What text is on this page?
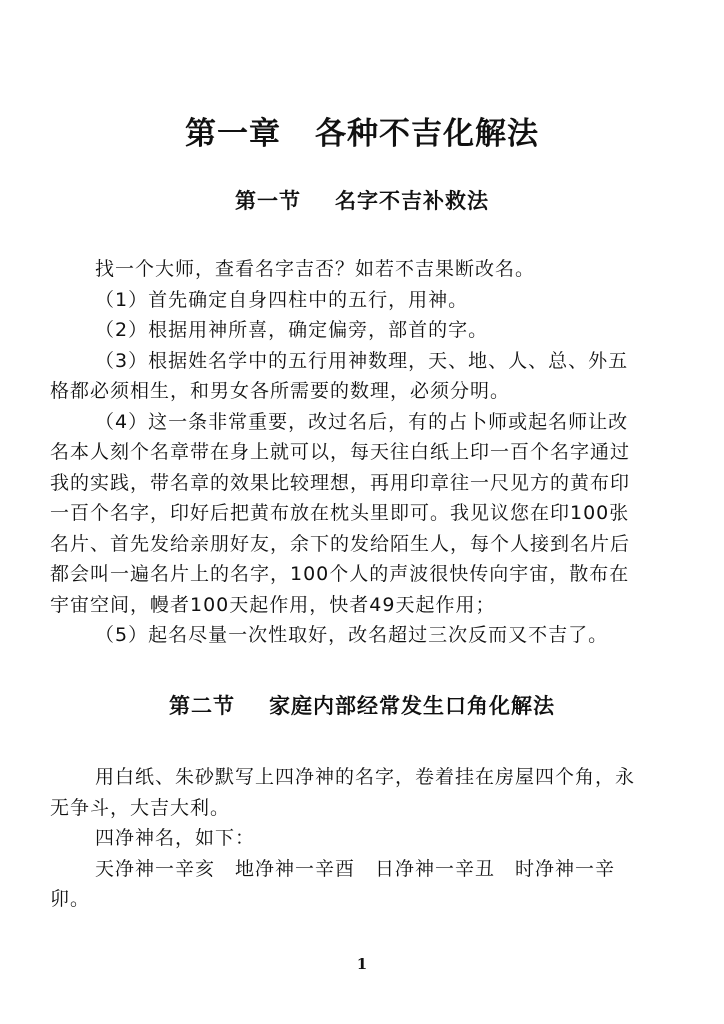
第一章 各种不吉化解法
第一节 名字不吉补救法

找一个大师，查看名字吉否？如若不吉果断改名。

（1）首先确定自身四柱中的五行，用神。

（2）根据用神所喜，确定偏旁，部首的字。

（3）根据姓名学中的五行用神数理，天、地、人、总、外五格都必须相生，和男女各所需要的数理，必须分明。

（4）这一条非常重要，改过名后，有的占卜师或起名师让改名本人刻个名章带在身上就可以，每天往白纸上印一百个名字通过我的实践，带名章的效果比较理想，再用印章往一尺见方的黄布印一百个名字，印好后把黄布放在枕头里即可。我见议您在印100张名片、首先发给亲朋好友，余下的发给陌生人，每个人接到名片后都会叫一遍名片上的名字，100个人的声波很快传向宇宙，散布在宇宙空间，幔者100天起作用，快者49天起作用；

（5）起名尽量一次性取好，改名超过三次反而又不吉了。

第二节 家庭内部经常发生口角化解法

用白纸、朱砂默写上四净神的名字，卷着挂在房屋四个角，永无争斗，大吉大利。

四净神名，如下：

天净神一辛亥　地净神一辛酉　日净神一辛丑　时净神一辛卯。

1
